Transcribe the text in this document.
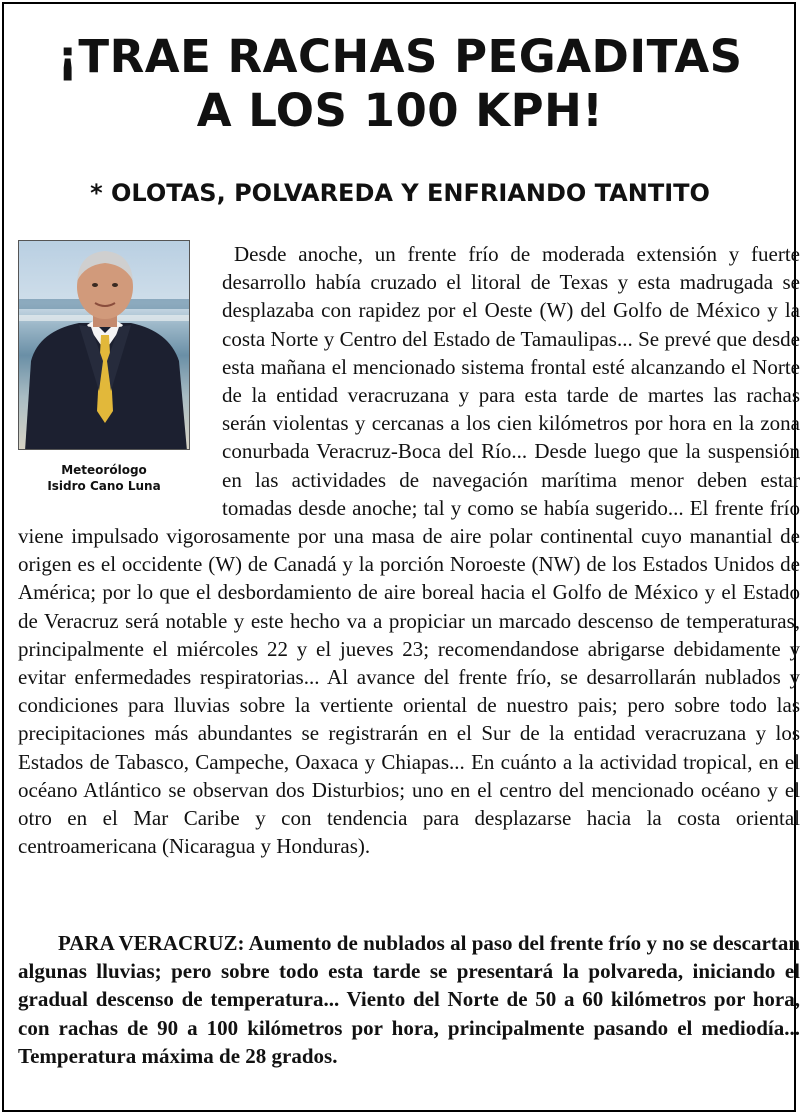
¡TRAE RACHAS PEGADITAS
A LOS 100 KPH!
* OLOTAS, POLVAREDA Y ENFRIANDO TANTITO

Meteorólogo
Isidro Cano Luna

Desde anoche, un frente frío de moderada extensión y fuerte desarrollo había cruzado el litoral de Texas y esta madrugada se desplazaba con rapidez por el Oeste (W) del Golfo de México y la costa Norte y Centro del Estado de Tamaulipas... Se prevé que desde esta mañana el mencionado sistema frontal esté alcanzando el Norte de la entidad veracruzana y para esta tarde de martes las rachas serán violentas y cercanas a los cien kilómetros por hora en la zona conurbada Veracruz-Boca del Río... Desde luego que la suspensión en las actividades de navegación marítima menor deben estar tomadas desde anoche; tal y como se había sugerido... El frente frío viene impulsado vigorosamente por una masa de aire polar continental cuyo manantial de origen es el occidente (W) de Canadá y la porción Noroeste (NW) de los Estados Unidos de América; por lo que el desbordamiento de aire boreal hacia el Golfo de México y el Estado de Veracruz será notable y este hecho va a propiciar un marcado descenso de temperaturas, principalmente el miércoles 22 y el jueves 23; recomendandose abrigarse debidamente y evitar enfermedades respiratorias... Al avance del frente frío, se desarrollarán nublados y condiciones para lluvias sobre la vertiente oriental de nuestro pais; pero sobre todo las precipitaciones más abundantes se registrarán en el Sur de la entidad veracruzana y los Estados de Tabasco, Campeche, Oaxaca y Chiapas... En cuánto a la actividad tropical, en el océano Atlántico se observan dos Disturbios; uno en el centro del mencionado océano y el otro en el Mar Caribe y con tendencia para desplazarse hacia la costa oriental centroamericana (Nicaragua y Honduras).

PARA VERACRUZ: Aumento de nublados al paso del frente frío y no se descartan algunas lluvias; pero sobre todo esta tarde se presentará la polvareda, iniciando el gradual descenso de temperatura... Viento del Norte de 50 a 60 kilómetros por hora, con rachas de 90 a 100 kilómetros por hora, principalmente pasando el mediodía... Temperatura máxima de 28 grados.
